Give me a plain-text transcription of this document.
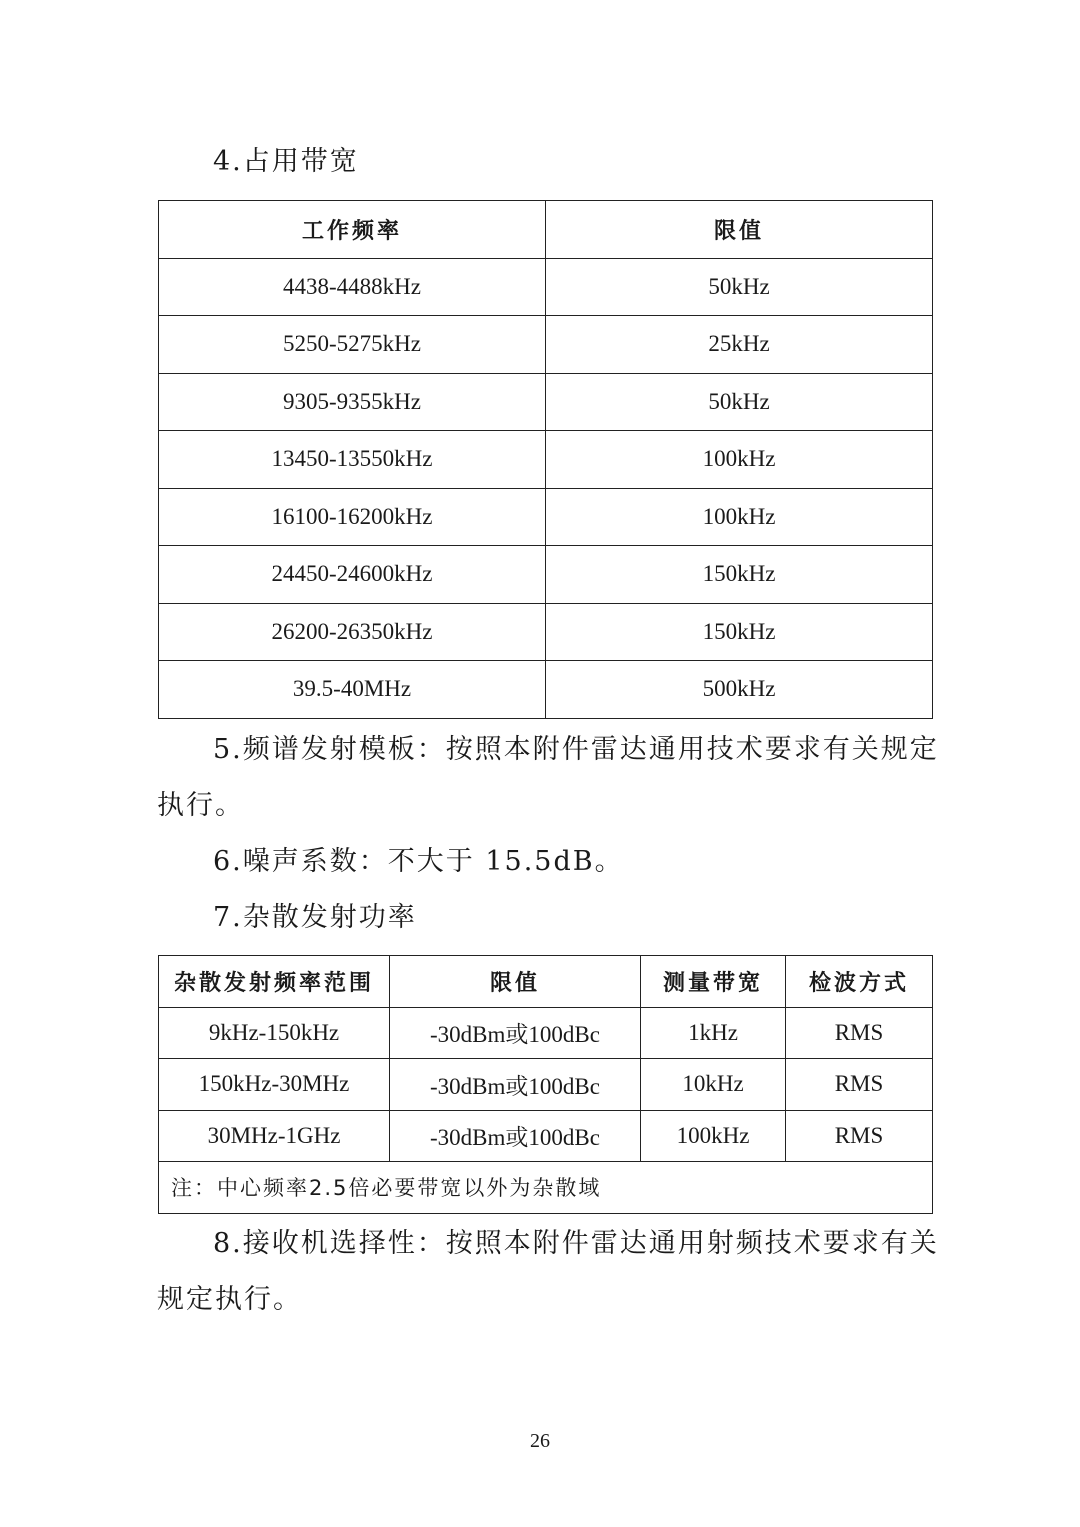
4.占用带宽
工作频率	限值
4438-4488kHz	50kHz
5250-5275kHz	25kHz
9305-9355kHz	50kHz
13450-13550kHz	100kHz
16100-16200kHz	100kHz
24450-24600kHz	150kHz
26200-26350kHz	150kHz
39.5-40MHz	500kHz
5.频谱发射模板：按照本附件雷达通用技术要求有关规定
执行。
6.噪声系数：不大于 15.5dB。
7.杂散发射功率
杂散发射频率范围	限值	测量带宽	检波方式
9kHz-150kHz	-30dBm或100dBc	1kHz	RMS
150kHz-30MHz	-30dBm或100dBc	10kHz	RMS
30MHz-1GHz	-30dBm或100dBc	100kHz	RMS
注：中心频率2.5倍必要带宽以外为杂散域			
8.接收机选择性：按照本附件雷达通用射频技术要求有关
规定执行。
26
